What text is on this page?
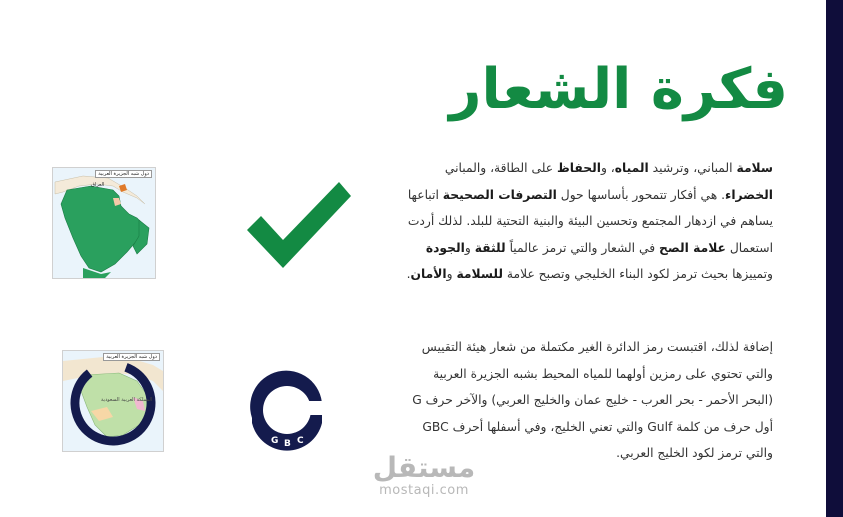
فكرة الشعار

سلامة المباني، وترشيد المياه، والحفاظ على الطاقة، والمباني الخضراء. هي أفكار تتمحور بأساسها حول التصرفات الصحيحة اتباعها يساهم في ازدهار المجتمع وتحسين البيئة والبنية التحتية للبلد. لذلك أردت استعمال علامة الصح في الشعار والتي ترمز عالمياً للثقة والجودة وتمييزها بحيث ترمز لكود البناء الخليجي وتصبح علامة للسلامة والأمان.

إضافة لذلك، اقتبست رمز الدائرة الغير مكتملة من شعار هيئة التقييس والتي تحتوي على رمزين أولهما للمياه المحيط بشبه الجزيرة العربية (البحر الأحمر - بحر العرب - خليج عمان والخليج العربي) والآخر حرف G أول حرف من كلمة Gulf والتي تعني الخليج، وفي أسفلها أحرف GBC والتي ترمز لكود الخليج العربي.

دول شبه الجزيرة العربية
العراق
دول شبه الجزيرة العربية
المملكة العربية السعودية
G B C
مستقل
mostaqi.com
